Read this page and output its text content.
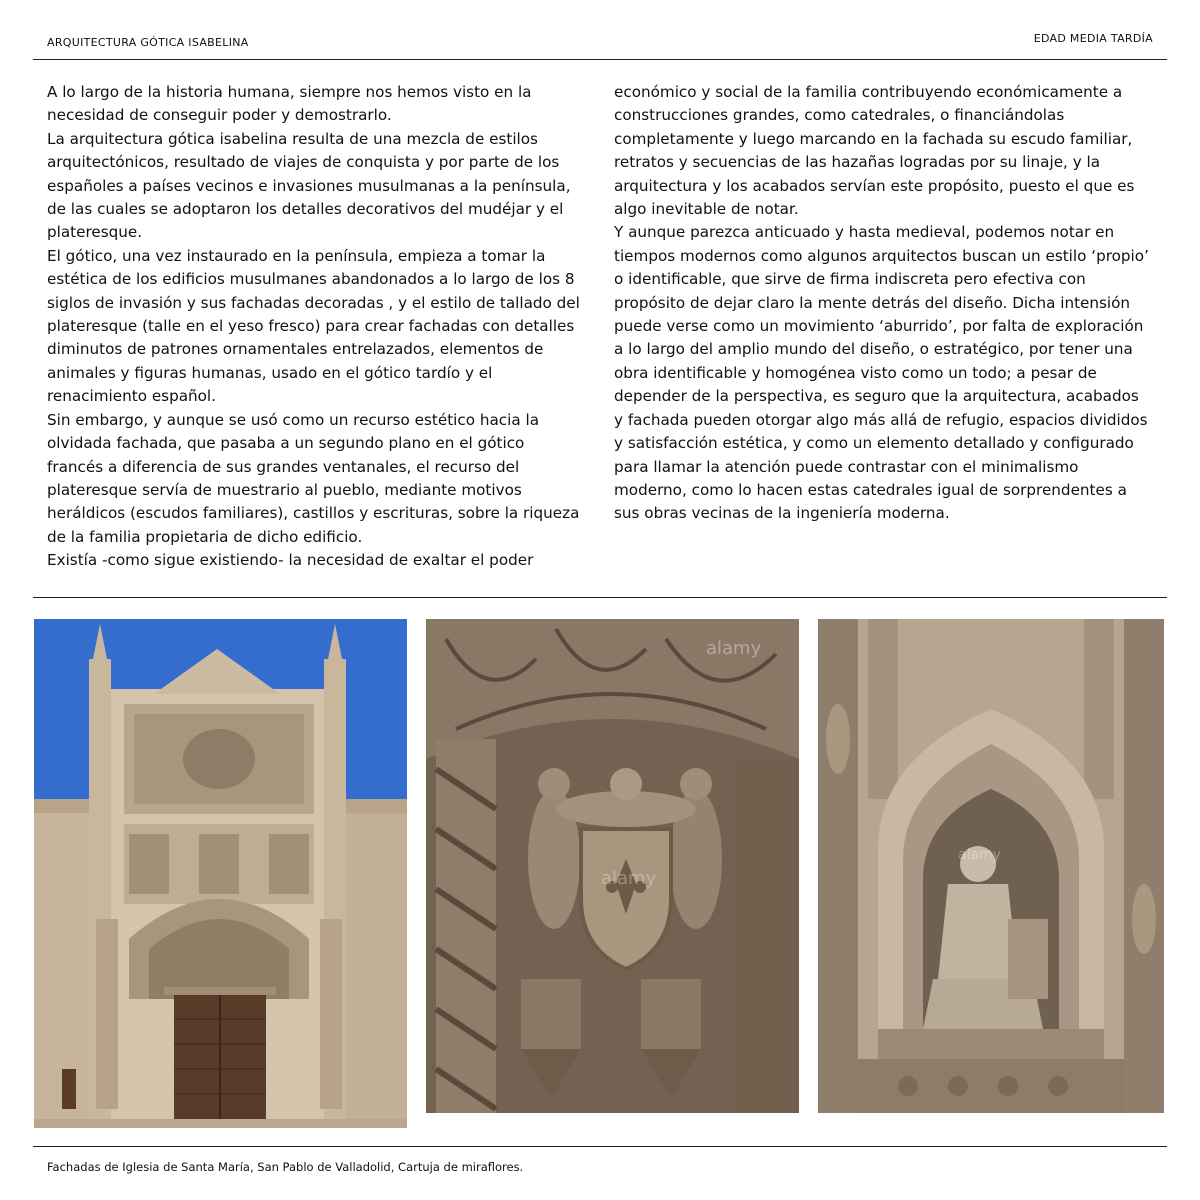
ARQUITECTURA GÓTICA ISABELINA	EDAD MEDIA TARDÍA

A lo largo de la historia humana, siempre nos hemos visto en la necesidad de conseguir poder y demostrarlo.

La arquitectura gótica isabelina resulta de una mezcla de estilos arquitectónicos, resultado de viajes de conquista y por parte de los españoles a países vecinos e invasiones musulmanas a la península, de las cuales se adoptaron los detalles decorativos del mudéjar y el plateresque.

El gótico, una vez instaurado en la península, empieza a tomar la estética de los edificios musulmanes abandonados a lo largo de los 8 siglos de invasión y sus fachadas decoradas , y el estilo de tallado del plateresque (talle en el yeso fresco) para crear fachadas con detalles diminutos de patrones ornamentales entrelazados, elementos de animales y figuras humanas, usado en el gótico tardío y el renacimiento español.

Sin embargo, y aunque se usó como un recurso estético hacia la olvidada fachada, que pasaba a un segundo plano en el gótico francés a diferencia de sus grandes ventanales, el recurso del plateresque servía de muestrario al pueblo, mediante motivos heráldicos (escudos familiares), castillos y escrituras, sobre la riqueza de la familia propietaria de dicho edificio.

Existía -como sigue existiendo- la necesidad de exaltar el poder

económico y social de la familia contribuyendo económicamente a construcciones grandes, como catedrales, o financiándolas completamente y luego marcando en la fachada su escudo familiar, retratos y secuencias de las hazañas logradas por su linaje, y la arquitectura y los acabados servían este propósito, puesto el que es algo inevitable de notar.

Y aunque parezca anticuado y hasta medieval, podemos notar en tiempos modernos como algunos arquitectos buscan un estilo ‘propio’ o identificable, que sirve de firma indiscreta pero efectiva con propósito de dejar claro la mente detrás del diseño. Dicha intensión puede verse como un movimiento ‘aburrido’, por falta de exploración a lo largo del amplio mundo del diseño, o estratégico, por tener una obra identificable y homogénea visto como un todo; a pesar de depender de la perspectiva, es seguro que la arquitectura, acabados y fachada pueden otorgar algo más allá de refugio, espacios divididos y satisfacción estética, y como un elemento detallado y configurado para llamar la atención puede contrastar con el minimalismo moderno, como lo hacen estas catedrales igual de sorprendentes a sus obras vecinas de la ingeniería moderna.

alamy
alamy
alamy
Fachadas de Iglesia de Santa María, San Pablo de Valladolid, Cartuja de miraflores.
